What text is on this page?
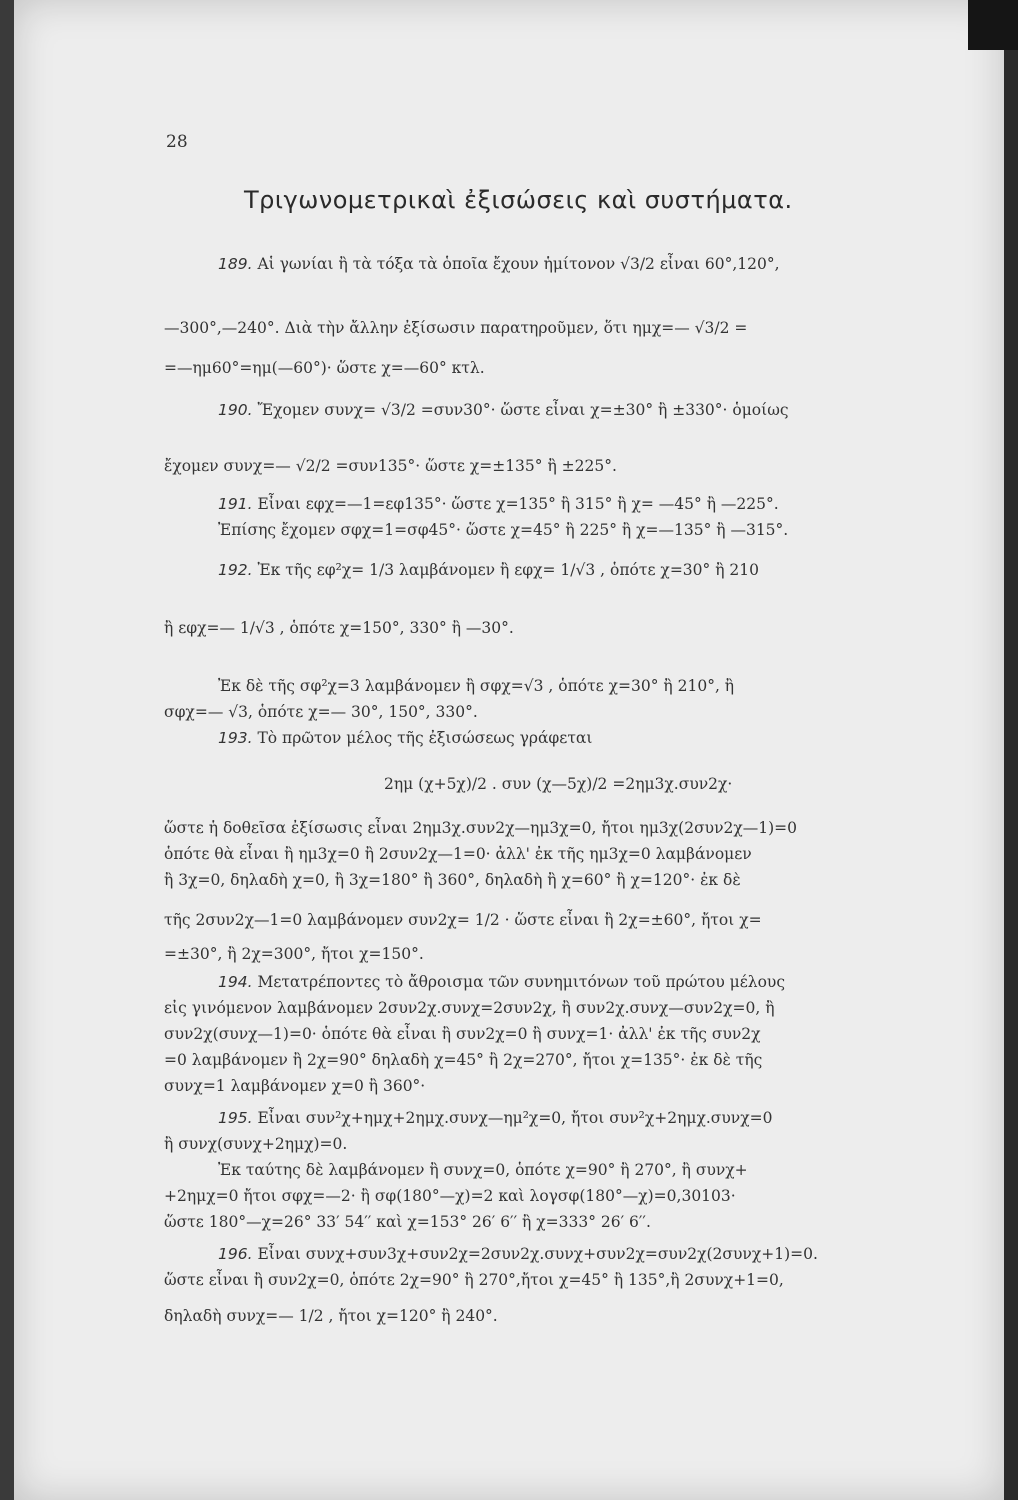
28
Τριγωνομετρικαὶ ἐξισώσεις καὶ συστήματα.
189. Αἱ γωνίαι ἢ τὰ τόξα τὰ ὁποῖα ἔχουν ἡμίτονον √3/2 εἶναι 60°,120°,
—300°,—240°. Διὰ τὴν ἄλλην ἐξίσωσιν παρατηροῦμεν, ὅτι ημχ=— √3/2 =
=—ημ60°=ημ(—60°)· ὥστε χ=—60° κτλ.
190. Ἔχομεν συνχ= √3/2 =συν30°· ὥστε εἶναι χ=±30° ἢ ±330°· ὁμοίως
ἔχομεν συνχ=— √2/2 =συν135°· ὥστε χ=±135° ἢ ±225°.
191. Εἶναι εφχ=—1=εφ135°· ὥστε χ=135° ἢ 315° ἢ χ= —45° ἢ —225°.
Ἐπίσης ἔχομεν σφχ=1=σφ45°· ὥστε χ=45° ἢ 225° ἢ χ=—135° ἢ —315°.
192. Ἐκ τῆς εφ²χ= 1/3 λαμβάνομεν ἢ εφχ= 1/√3 , ὁπότε χ=30° ἢ 210
ἢ εφχ=— 1/√3 , ὁπότε χ=150°, 330° ἢ —30°.
Ἐκ δὲ τῆς σφ²χ=3 λαμβάνομεν ἢ σφχ=√3 , ὁπότε χ=30° ἢ 210°, ἢ
σφχ=— √3, ὁπότε χ=— 30°, 150°, 330°.
193. Τὸ πρῶτον μέλος τῆς ἐξισώσεως γράφεται
2ημ (χ+5χ)/2 . συν (χ—5χ)/2 =2ημ3χ.συν2χ·
ὥστε ἡ δοθεῖσα ἐξίσωσις εἶναι 2ημ3χ.συν2χ—ημ3χ=0, ἤτοι ημ3χ(2συν2χ—1)=0
ὁπότε θὰ εἶναι ἢ ημ3χ=0 ἢ 2συν2χ—1=0· ἀλλ' ἐκ τῆς ημ3χ=0 λαμβάνομεν
ἢ 3χ=0, δηλαδὴ χ=0, ἢ 3χ=180° ἢ 360°, δηλαδὴ ἢ χ=60° ἢ χ=120°· ἐκ δὲ
τῆς 2συν2χ—1=0 λαμβάνομεν συν2χ= 1/2 · ὥστε εἶναι ἢ 2χ=±60°, ἤτοι χ=
=±30°, ἢ 2χ=300°, ἤτοι χ=150°.
194. Μετατρέποντες τὸ ἄθροισμα τῶν συνημιτόνων τοῦ πρώτου μέλους
εἰς γινόμενον λαμβάνομεν 2συν2χ.συνχ=2συν2χ, ἢ συν2χ.συνχ—συν2χ=0, ἢ
συν2χ(συνχ—1)=0· ὁπότε θὰ εἶναι ἢ συν2χ=0 ἢ συνχ=1· ἀλλ' ἐκ τῆς συν2χ
=0 λαμβάνομεν ἢ 2χ=90° δηλαδὴ χ=45° ἢ 2χ=270°, ἤτοι χ=135°· ἐκ δὲ τῆς
συνχ=1 λαμβάνομεν χ=0 ἢ 360°·
195. Εἶναι συν²χ+ημχ+2ημχ.συνχ—ημ²χ=0, ἤτοι συν²χ+2ημχ.συνχ=0
ἢ συνχ(συνχ+2ημχ)=0.
Ἐκ ταύτης δὲ λαμβάνομεν ἢ συνχ=0, ὁπότε χ=90° ἢ 270°, ἢ συνχ+
+2ημχ=0 ἤτοι σφχ=—2· ἢ σφ(180°—χ)=2 καὶ λογσφ(180°—χ)=0,30103·
ὥστε 180°—χ=26° 33′ 54′′ καὶ χ=153° 26′ 6′′ ἢ χ=333° 26′ 6′′.
196. Εἶναι συνχ+συν3χ+συν2χ=2συν2χ.συνχ+συν2χ=συν2χ(2συνχ+1)=0.
ὥστε εἶναι ἢ συν2χ=0, ὁπότε 2χ=90° ἢ 270°,ἤτοι χ=45° ἢ 135°,ἢ 2συνχ+1=0,
δηλαδὴ συνχ=— 1/2 , ἤτοι χ=120° ἢ 240°.
